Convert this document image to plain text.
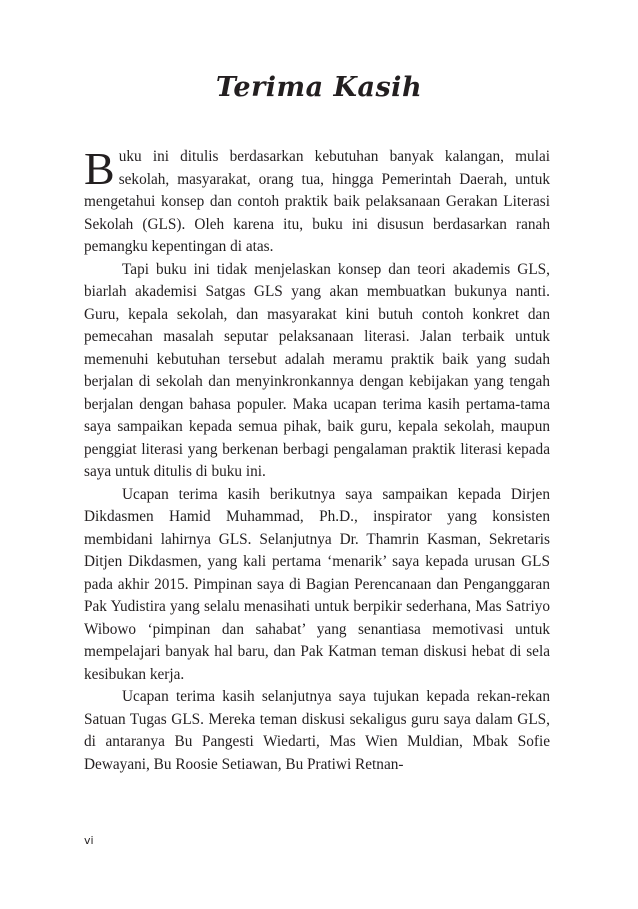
Terima Kasih

Buku ini ditulis berdasarkan kebutuhan banyak kalangan, mulai sekolah, masyarakat, orang tua, hingga Pemerintah Daerah, untuk mengetahui konsep dan contoh praktik baik pelaksanaan Gerakan Literasi Sekolah (GLS). Oleh karena itu, buku ini disusun berdasarkan ranah pemangku kepentingan di atas.

Tapi buku ini tidak menjelaskan konsep dan teori akademis GLS, biarlah akademisi Satgas GLS yang akan membuatkan bukunya nanti. Guru, kepala sekolah, dan masyarakat kini butuh contoh konkret dan pemecahan masalah seputar pelaksanaan literasi. Jalan terbaik untuk memenuhi kebutuhan tersebut adalah meramu praktik baik yang sudah berjalan di sekolah dan menyinkronkannya dengan kebijakan yang tengah berjalan dengan bahasa populer. Maka ucapan terima kasih pertama-tama saya sampaikan kepada semua pihak, baik guru, kepala sekolah, maupun penggiat literasi yang berkenan berbagi pengalaman praktik literasi kepada saya untuk ditulis di buku ini.

Ucapan terima kasih berikutnya saya sampaikan kepada Dirjen Dikdasmen Hamid Muhammad, Ph.D., inspirator yang konsisten membidani lahirnya GLS. Selanjutnya Dr. Thamrin Kasman, Sekretaris Ditjen Dikdasmen, yang kali pertama ‘menarik’ saya kepada urusan GLS pada akhir 2015. Pimpinan saya di Bagian Perencanaan dan Penganggaran Pak Yudistira yang selalu menasihati untuk berpikir sederhana, Mas Satriyo Wibowo ‘pimpinan dan sahabat’ yang senantiasa memotivasi untuk mempelajari banyak hal baru, dan Pak Katman teman diskusi hebat di sela kesibukan kerja.

Ucapan terima kasih selanjutnya saya tujukan kepada rekan-rekan Satuan Tugas GLS. Mereka teman diskusi sekaligus guru saya dalam GLS, di antaranya Bu Pangesti Wiedarti, Mas Wien Muldian, Mbak Sofie Dewayani, Bu Roosie Setiawan, Bu Pratiwi Retnan-

vi
